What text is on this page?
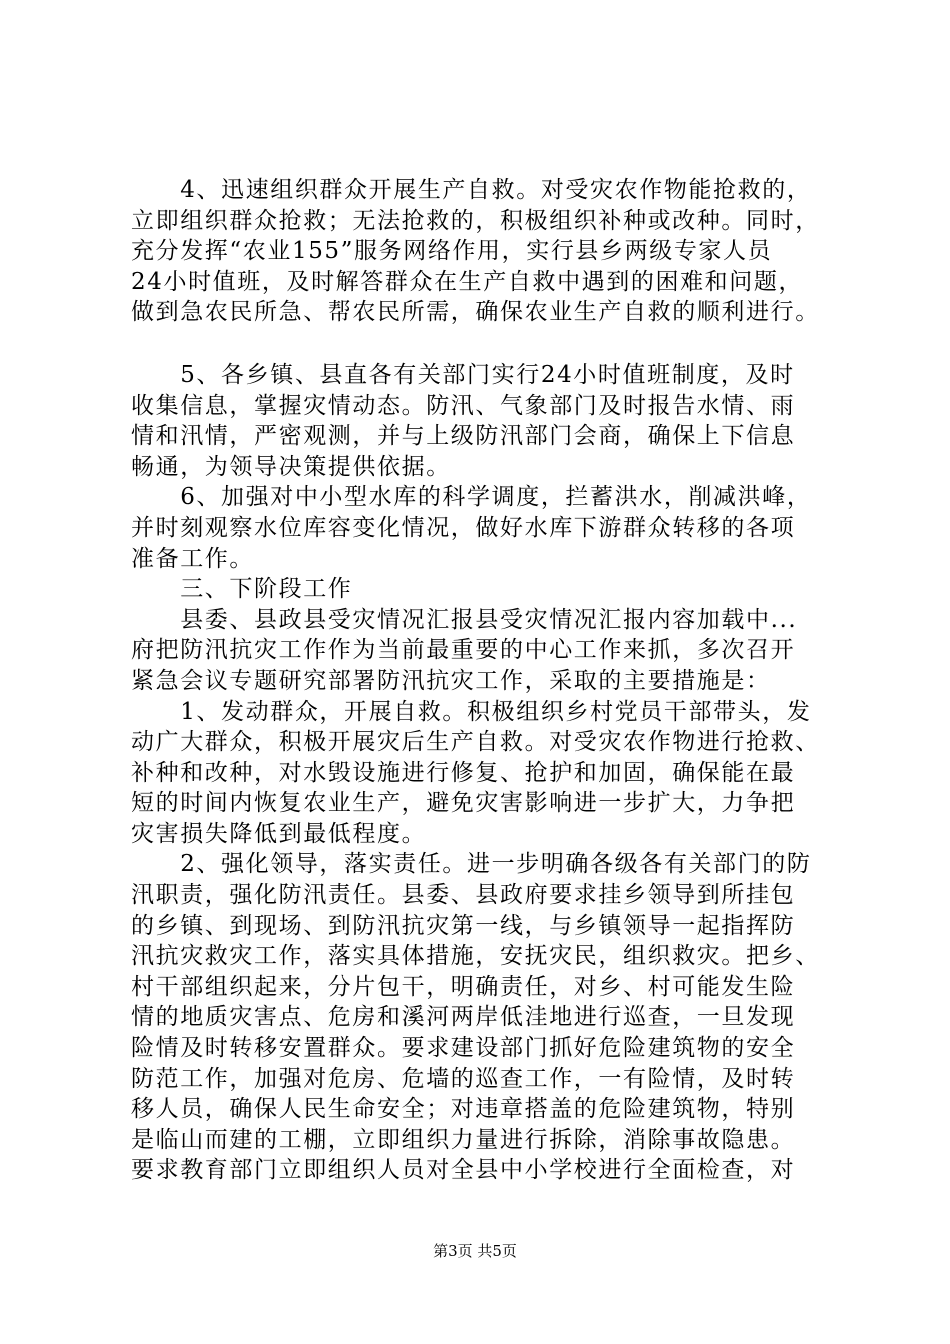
　　4、迅速组织群众开展生产自救。对受灾农作物能抢救的，
立即组织群众抢救；无法抢救的，积极组织补种或改种。同时，
充分发挥“农业155”服务网络作用，实行县乡两级专家人员
24小时值班，及时解答群众在生产自救中遇到的困难和问题，
做到急农民所急、帮农民所需，确保农业生产自救的顺利进行。

　　5、各乡镇、县直各有关部门实行24小时值班制度，及时
收集信息，掌握灾情动态。防汛、气象部门及时报告水情、雨
情和汛情，严密观测，并与上级防汛部门会商，确保上下信息
畅通，为领导决策提供依据。

　　6、加强对中小型水库的科学调度，拦蓄洪水，削减洪峰，
并时刻观察水位库容变化情况，做好水库下游群众转移的各项
准备工作。

　　三、下阶段工作

　　县委、县政县受灾情况汇报县受灾情况汇报内容加载中...
府把防汛抗灾工作作为当前最重要的中心工作来抓，多次召开
紧急会议专题研究部署防汛抗灾工作，采取的主要措施是：

　　1、发动群众，开展自救。积极组织乡村党员干部带头，发
动广大群众，积极开展灾后生产自救。对受灾农作物进行抢救、
补种和改种，对水毁设施进行修复、抢护和加固，确保能在最
短的时间内恢复农业生产，避免灾害影响进一步扩大，力争把
灾害损失降低到最低程度。

　　2、强化领导，落实责任。进一步明确各级各有关部门的防
汛职责，强化防汛责任。县委、县政府要求挂乡领导到所挂包
的乡镇、到现场、到防汛抗灾第一线，与乡镇领导一起指挥防
汛抗灾救灾工作，落实具体措施，安抚灾民，组织救灾。把乡、
村干部组织起来，分片包干，明确责任，对乡、村可能发生险
情的地质灾害点、危房和溪河两岸低洼地进行巡查，一旦发现
险情及时转移安置群众。要求建设部门抓好危险建筑物的安全
防范工作，加强对危房、危墙的巡查工作，一有险情，及时转
移人员，确保人民生命安全；对违章搭盖的危险建筑物，特别
是临山而建的工棚，立即组织力量进行拆除，消除事故隐患。
要求教育部门立即组织人员对全县中小学校进行全面检查，对

第3页 共5页
